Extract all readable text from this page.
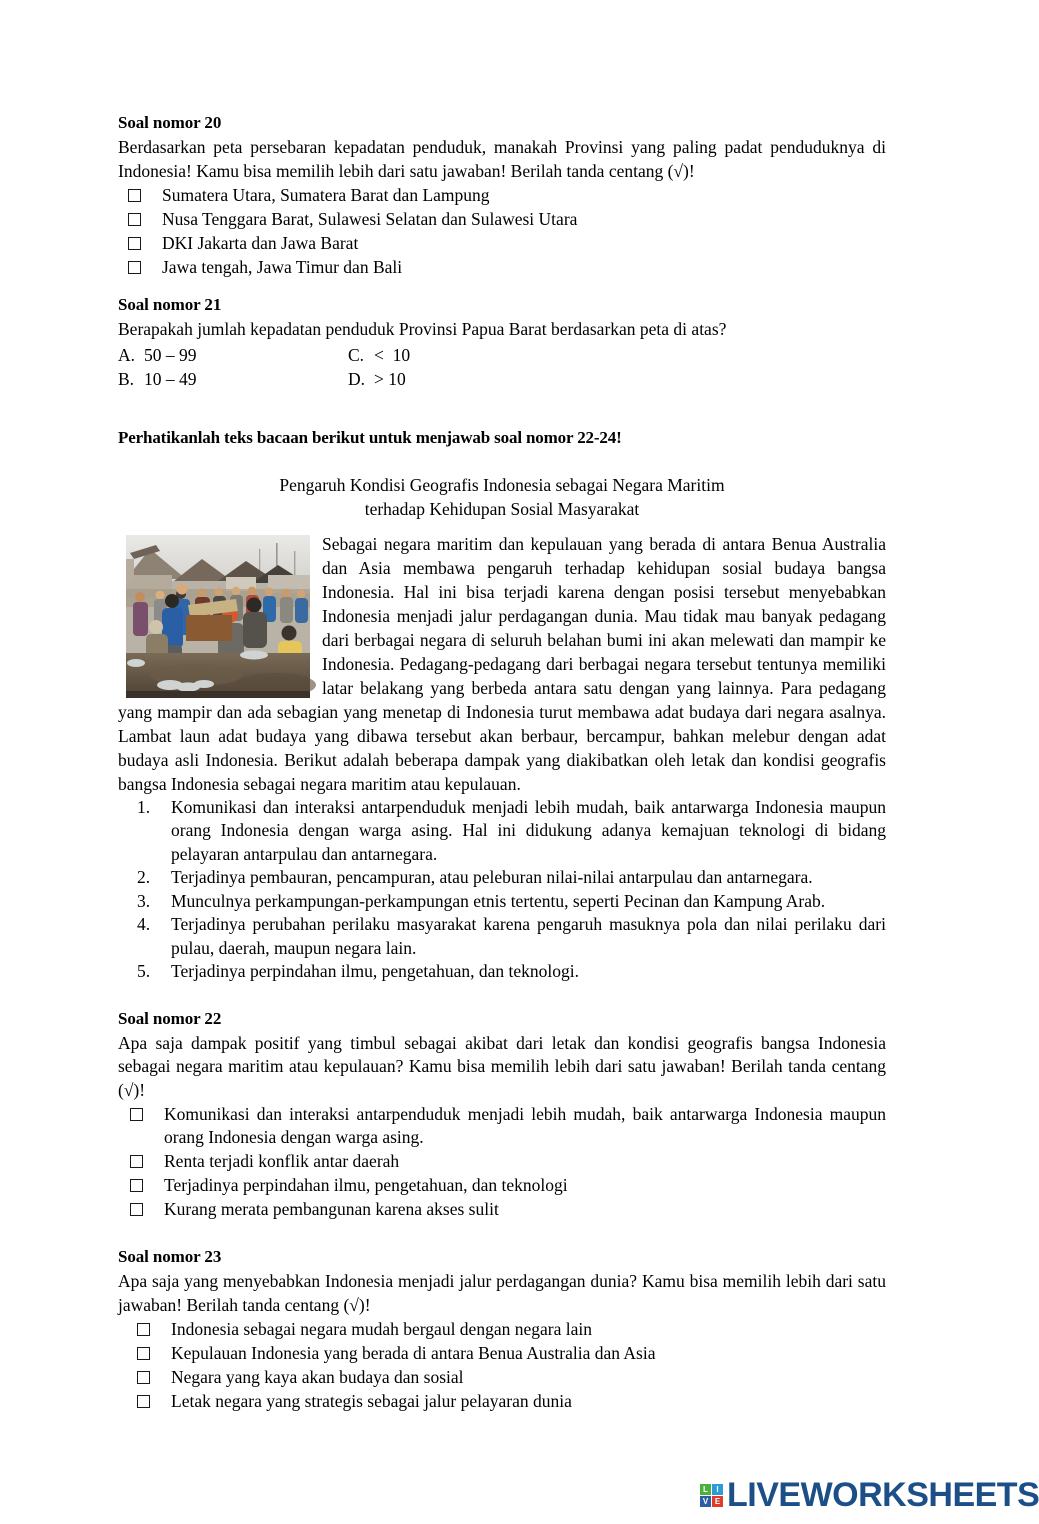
Soal nomor 20

Berdasarkan peta persebaran kepadatan penduduk, manakah Provinsi yang paling padat penduduknya di Indonesia! Kamu bisa memilih lebih dari satu jawaban! Berilah tanda centang (√)!

Sumatera Utara, Sumatera Barat dan Lampung
Nusa Tenggara Barat, Sulawesi Selatan dan Sulawesi Utara
DKI Jakarta dan Jawa Barat
Jawa tengah, Jawa Timur dan Bali

Soal nomor 21

Berapakah jumlah kepadatan penduduk Provinsi Papua Barat berdasarkan peta di atas?

A. 50 – 99	C. <  10
B. 10 – 49	D. > 10

Perhatikanlah teks bacaan berikut untuk menjawab soal nomor 22-24!

Pengaruh Kondisi Geografis Indonesia sebagai Negara Maritim

terhadap Kehidupan Sosial Masyarakat

Sebagai negara maritim dan kepulauan yang berada di antara Benua Australia dan Asia membawa pengaruh terhadap kehidupan sosial budaya bangsa Indonesia. Hal ini bisa terjadi karena dengan posisi tersebut menyebabkan Indonesia menjadi jalur perdagangan dunia. Mau tidak mau banyak pedagang dari berbagai negara di seluruh belahan bumi ini akan melewati dan mampir ke Indonesia. Pedagang-pedagang dari berbagai negara tersebut tentunya memiliki latar belakang yang berbeda antara satu dengan yang lainnya. Para pedagang yang mampir dan ada sebagian yang menetap di Indonesia turut membawa adat budaya dari negara asalnya. Lambat laun adat budaya yang dibawa tersebut akan berbaur, bercampur, bahkan melebur dengan adat budaya asli Indonesia. Berikut adalah beberapa dampak yang diakibatkan oleh letak dan kondisi geografis bangsa Indonesia sebagai negara maritim atau kepulauan.
1.	Komunikasi dan interaksi antarpenduduk menjadi lebih mudah, baik antarwarga Indonesia maupun orang Indonesia dengan warga asing. Hal ini didukung adanya kemajuan teknologi di bidang pelayaran antarpulau dan antarnegara.
2.	Terjadinya pembauran, pencampuran, atau peleburan nilai-nilai antarpulau dan antarnegara.
3.	Munculnya perkampungan-perkampungan etnis tertentu, seperti Pecinan dan Kampung Arab.
4.	Terjadinya perubahan perilaku masyarakat karena pengaruh masuknya pola dan nilai perilaku dari pulau, daerah, maupun negara lain.
5.	Terjadinya perpindahan ilmu, pengetahuan, dan teknologi.

Soal nomor 22

Apa saja dampak positif yang timbul sebagai akibat dari letak dan kondisi geografis bangsa Indonesia sebagai negara maritim atau kepulauan? Kamu bisa memilih lebih dari satu jawaban! Berilah tanda centang (√)!

Komunikasi dan interaksi antarpenduduk menjadi lebih mudah, baik antarwarga Indonesia maupun orang Indonesia dengan warga asing.
Renta terjadi konflik antar daerah
Terjadinya perpindahan ilmu, pengetahuan, dan teknologi
Kurang merata pembangunan karena akses sulit

Soal nomor 23

Apa saja yang menyebabkan Indonesia menjadi jalur perdagangan dunia? Kamu bisa memilih lebih dari satu jawaban! Berilah tanda centang (√)!

Indonesia sebagai negara mudah bergaul dengan negara lain
Kepulauan Indonesia yang berada di antara Benua Australia dan Asia
Negara yang kaya akan budaya dan sosial
Letak negara yang strategis sebagai jalur pelayaran dunia
L	I
V E LIVEWORKSHEETS
